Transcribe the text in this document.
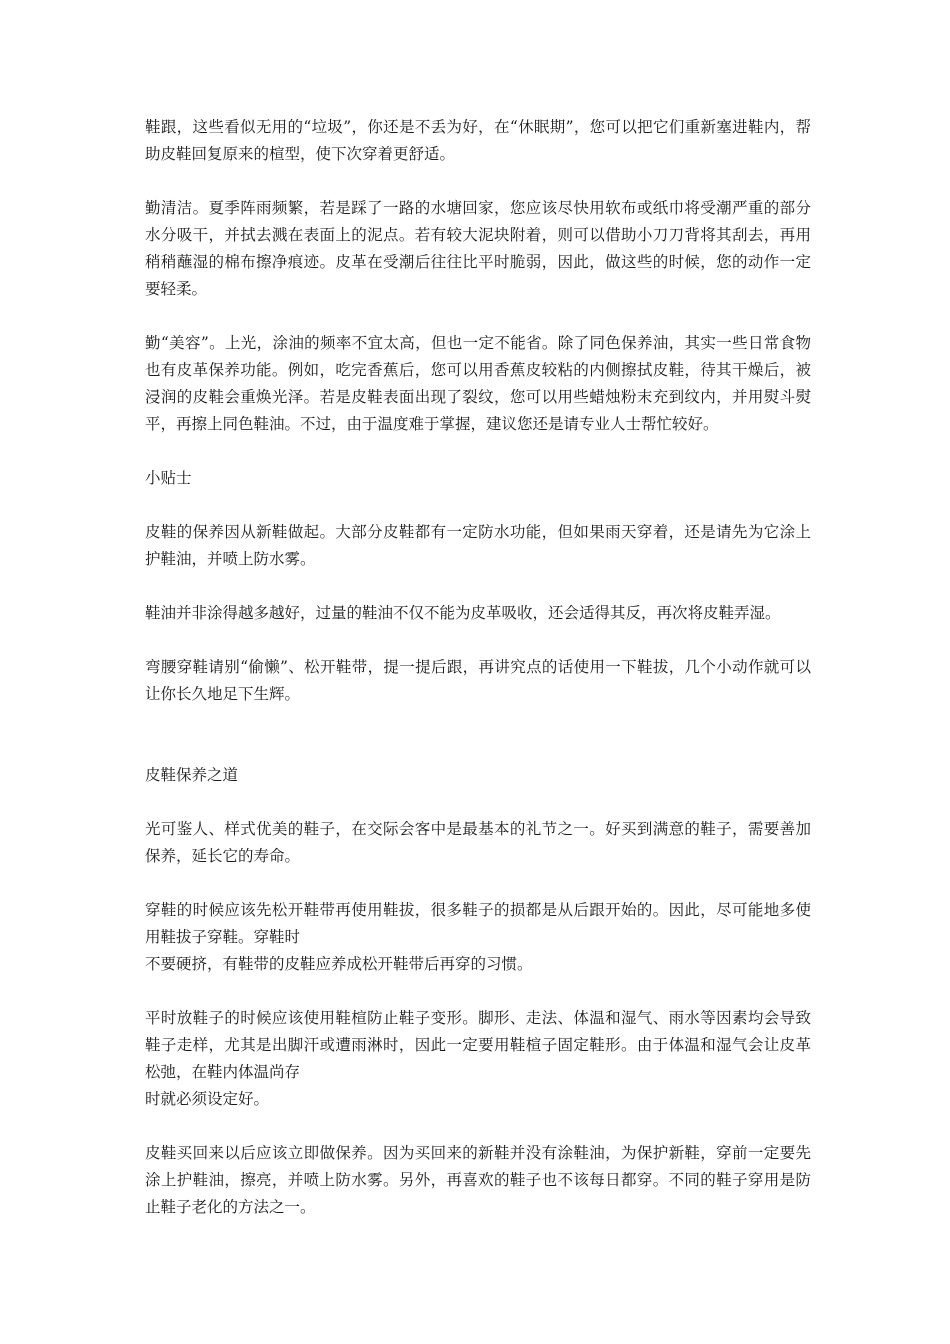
鞋跟，这些看似无用的“垃圾”，你还是不丢为好，在“休眠期”，您可以把它们重新塞进鞋内，帮助皮鞋回复原来的楦型，使下次穿着更舒适。

勤清洁。夏季阵雨频繁，若是踩了一路的水塘回家，您应该尽快用软布或纸巾将受潮严重的部分水分吸干，并拭去溅在表面上的泥点。若有较大泥块附着，则可以借助小刀刀背将其刮去，再用稍稍蘸湿的棉布擦净痕迹。皮革在受潮后往往比平时脆弱，因此，做这些的时候，您的动作一定要轻柔。

勤“美容”。上光，涂油的频率不宜太高，但也一定不能省。除了同色保养油，其实一些日常食物也有皮革保养功能。例如，吃完香蕉后，您可以用香蕉皮较粘的内侧擦拭皮鞋，待其干燥后，被浸润的皮鞋会重焕光泽。若是皮鞋表面出现了裂纹，您可以用些蜡烛粉末充到纹内，并用熨斗熨平，再擦上同色鞋油。不过，由于温度难于掌握，建议您还是请专业人士帮忙较好。

小贴士

皮鞋的保养因从新鞋做起。大部分皮鞋都有一定防水功能，但如果雨天穿着，还是请先为它涂上护鞋油，并喷上防水雾。

鞋油并非涂得越多越好，过量的鞋油不仅不能为皮革吸收，还会适得其反，再次将皮鞋弄湿。

弯腰穿鞋请别“偷懒”、松开鞋带，提一提后跟，再讲究点的话使用一下鞋拔，几个小动作就可以让你长久地足下生辉。

皮鞋保养之道

光可鉴人、样式优美的鞋子，在交际会客中是最基本的礼节之一。好买到满意的鞋子，需要善加保养，延长它的寿命。

穿鞋的时候应该先松开鞋带再使用鞋拔，很多鞋子的损都是从后跟开始的。因此，尽可能地多使用鞋拔子穿鞋。穿鞋时
不要硬挤，有鞋带的皮鞋应养成松开鞋带后再穿的习惯。

平时放鞋子的时候应该使用鞋楦防止鞋子变形。脚形、走法、体温和湿气、雨水等因素均会导致鞋子走样，尤其是出脚汗或遭雨淋时，因此一定要用鞋楦子固定鞋形。由于体温和湿气会让皮革松弛，在鞋内体温尚存
时就必须设定好。

皮鞋买回来以后应该立即做保养。因为买回来的新鞋并没有涂鞋油，为保护新鞋，穿前一定要先涂上护鞋油，擦亮，并喷上防水雾。另外，再喜欢的鞋子也不该每日都穿。不同的鞋子穿用是防止鞋子老化的方法之一。
